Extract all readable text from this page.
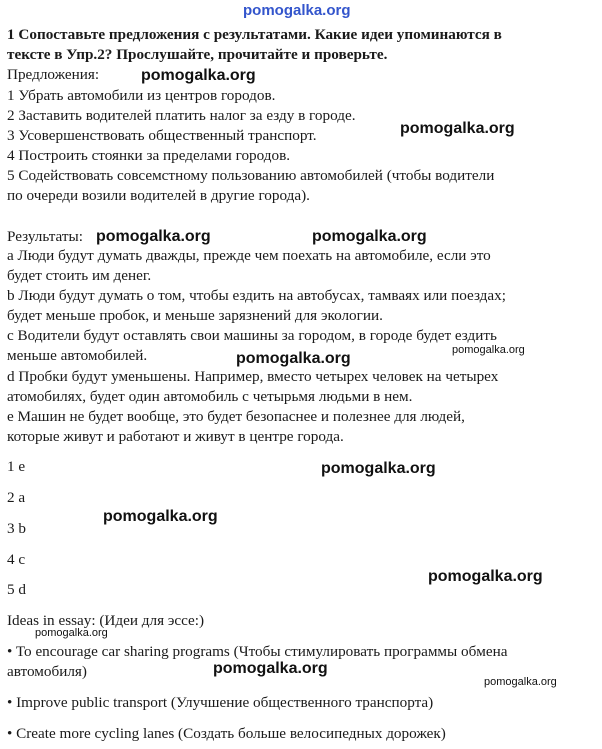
pomogalka.org
1 Сопоставьте предложения с результатами. Какие идеи упоминаются в
тексте в Упр.2? Прослушайте, прочитайте и проверьте.
Предложения:
1 Убрать автомобили из центров городов.
2 Заставить водителей платить налог за езду в городе.
3 Усовершенствовать общественный транспорт.
4 Построить стоянки за пределами городов.
5 Содействовать совсемстному пользованию автомобилей (чтобы водители
по очереди возили водителей в другие города).
Результаты:
а Люди будут думать дважды, прежде чем поехать на автомобиле, если это
будет стоить им денег.
b Люди будут думать о том, чтобы ездить на автобусах, тамваях или поездах;
будет меньше пробок, и меньше зарязнений для экологии.
с Водители будут оставлять свои машины за городом, в городе будет ездить
меньше автомобилей.
d Пробки будут уменьшены. Например, вместо четырех человек на четырех
атомобилях, будет один автомобиль с четырьмя людьми в нем.
е Машин не будет вообще, это будет безопаснее и полезнее для людей,
которые живут и работают и живут в центре города.
1 e
2 a
3 b
4 c
5 d
Ideas in essay: (Идеи для эссе:)
• To encourage car sharing programs (Чтобы стимулировать программы обмена
автомобиля)
• Improve public transport (Улучшение общественного транспорта)
• Create more cycling lanes (Создать больше велосипедных дорожек)
pomogalka.org
pomogalka.org
pomogalka.org	pomogalka.org
pomogalka.org
pomogalka.org
pomogalka.org
pomogalka.org
pomogalka.org
pomogalka.org
pomogalka.org
pomogalka.org
